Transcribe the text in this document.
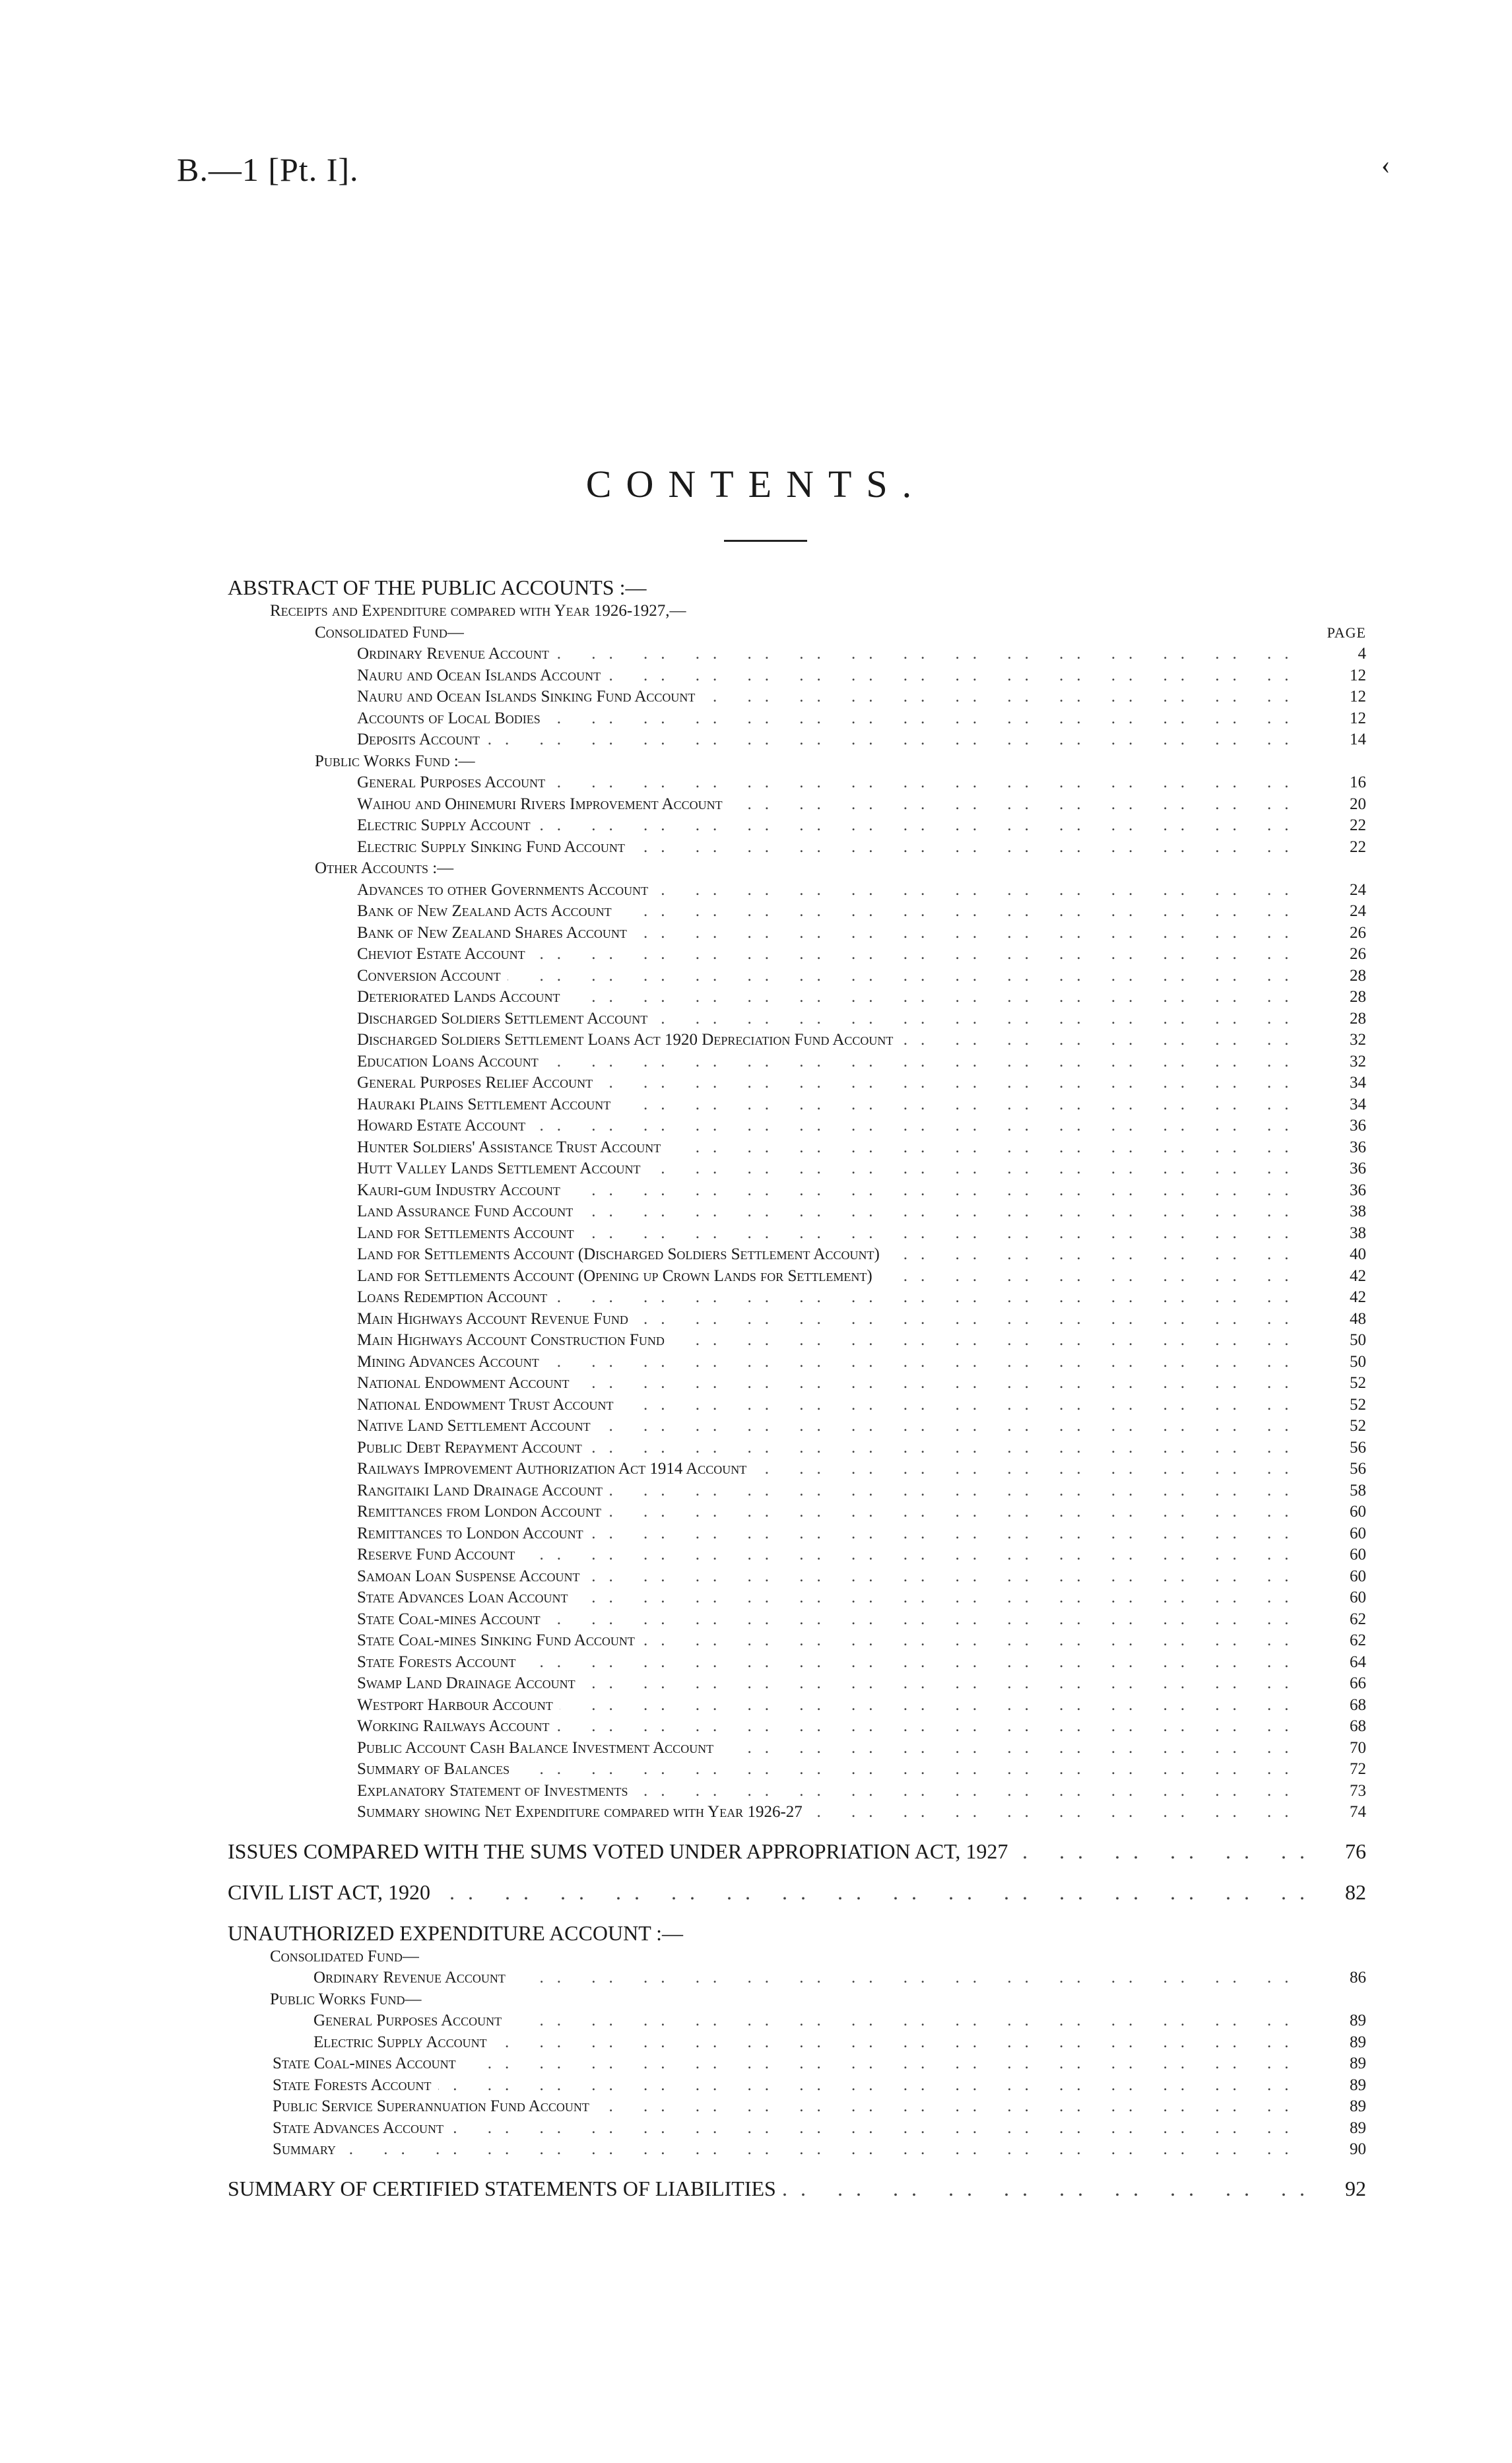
B.—1 [Pt. I].	‹
CONTENTS.
ABSTRACT OF THE PUBLIC ACCOUNTS :—
Receipts and Expenditure compared with Year 1926-1927,—
Consolidated Fund—	PAGE
.. ..
Ordinary Revenue Account	4
.. ..
Nauru and Ocean Islands Account	12
.. ..
Nauru and Ocean Islands Sinking Fund Account	12
.. ..
Accounts of Local Bodies	12
.. ..
Deposits Account	14
Public Works Fund :—
.. ..
General Purposes Account	16
.. ..
Waihou and Ohinemuri Rivers Improvement Account	20
.. ..
Electric Supply Account	22
.. ..
Electric Supply Sinking Fund Account	22
Other Accounts :—
.. ..
Advances to other Governments Account	24
.. ..
Bank of New Zealand Acts Account	24
.. ..
Bank of New Zealand Shares Account	26
.. ..
Cheviot Estate Account	26
.. ..
Conversion Account	28
.. ..
Deteriorated Lands Account	28
.. ..
Discharged Soldiers Settlement Account	28
.. ..
Discharged Soldiers Settlement Loans Act 1920 Depreciation Fund Account	32
.. ..
Education Loans Account	32
.. ..
General Purposes Relief Account	34
.. ..
Hauraki Plains Settlement Account	34
.. ..
Howard Estate Account	36
.. ..
Hunter Soldiers' Assistance Trust Account	36
.. ..
Hutt Valley Lands Settlement Account	36
.. ..
Kauri-gum Industry Account	36
.. ..
Land Assurance Fund Account	38
.. ..
Land for Settlements Account	38
.. ..
Land for Settlements Account (Discharged Soldiers Settlement Account)	40
.. ..
Land for Settlements Account (Opening up Crown Lands for Settlement)	42
.. ..
Loans Redemption Account	42
.. ..
Main Highways Account Revenue Fund	48
.. ..
Main Highways Account Construction Fund	50
.. ..
Mining Advances Account	50
.. ..
National Endowment Account	52
.. ..
National Endowment Trust Account	52
.. ..
Native Land Settlement Account	52
.. ..
Public Debt Repayment Account	56
.. ..
Railways Improvement Authorization Act 1914 Account	56
.. ..
Rangitaiki Land Drainage Account	58
.. ..
Remittances from London Account	60
.. ..
Remittances to London Account	60
.. ..
Reserve Fund Account	60
.. ..
Samoan Loan Suspense Account	60
.. ..
State Advances Loan Account	60
.. ..
State Coal-mines Account	62
.. ..
State Coal-mines Sinking Fund Account	62
.. ..
State Forests Account	64
.. ..
Swamp Land Drainage Account	66
.. ..
Westport Harbour Account	68
.. ..
Working Railways Account	68
.. ..
Public Account Cash Balance Investment Account	70
.. ..
Summary of Balances	72
.. ..
Explanatory Statement of Investments	73
.. ..
Summary showing Net Expenditure compared with Year 1926-27	74
.. ..
ISSUES COMPARED WITH THE SUMS VOTED UNDER APPROPRIATION ACT, 1927	76
.. ..
CIVIL LIST ACT, 1920	82
UNAUTHORIZED EXPENDITURE ACCOUNT :—
Consolidated Fund—
.. ..
Ordinary Revenue Account	86
Public Works Fund—
.. ..
General Purposes Account	89
.. ..
Electric Supply Account	89
.. ..
State Coal-mines Account	89
.. ..
State Forests Account	89
.. ..
Public Service Superannuation Fund Account	89
.. ..
State Advances Account	89
.. ..
Summary	90
.. ..
SUMMARY OF CERTIFIED STATEMENTS OF LIABILITIES	92
